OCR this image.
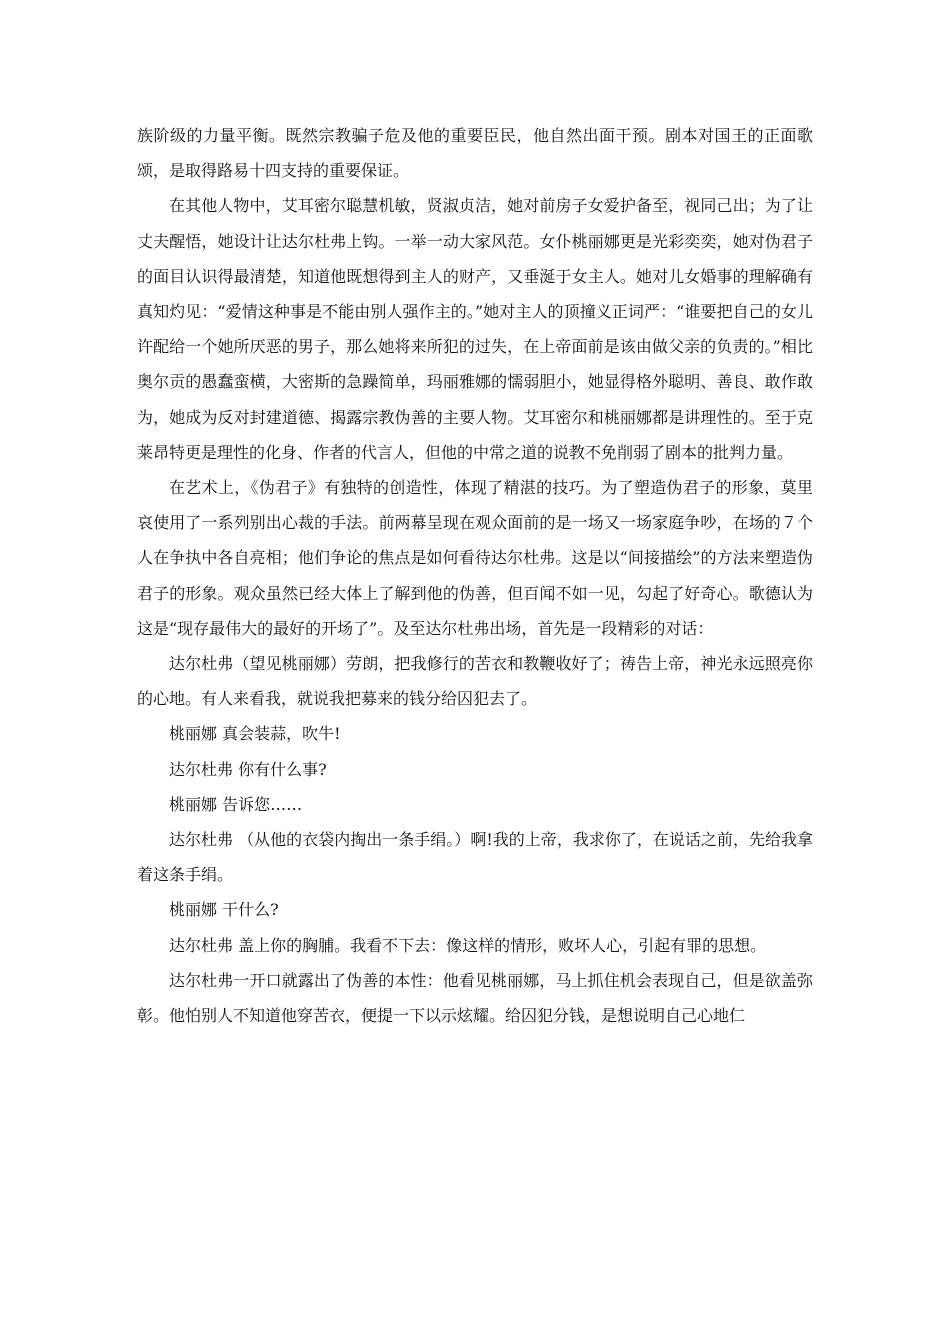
族阶级的力量平衡。既然宗教骗子危及他的重要臣民，他自然出面干预。剧本对国王的正面歌颂，是取得路易十四支持的重要保证。

在其他人物中，艾耳密尔聪慧机敏，贤淑贞洁，她对前房子女爱护备至，视同己出；为了让丈夫醒悟，她设计让达尔杜弗上钩。一举一动大家风范。女仆桃丽娜更是光彩奕奕，她对伪君子的面目认识得最清楚，知道他既想得到主人的财产，又垂涎于女主人。她对儿女婚事的理解确有真知灼见：“爱情这种事是不能由别人强作主的。”她对主人的顶撞义正词严：“谁要把自己的女儿许配给一个她所厌恶的男子，那么她将来所犯的过失，在上帝面前是该由做父亲的负责的。”相比奥尔贡的愚蠢蛮横，大密斯的急躁简单，玛丽雅娜的懦弱胆小，她显得格外聪明、善良、敢作敢为，她成为反对封建道德、揭露宗教伪善的主要人物。艾耳密尔和桃丽娜都是讲理性的。至于克莱昂特更是理性的化身、作者的代言人，但他的中常之道的说教不免削弱了剧本的批判力量。

在艺术上，《伪君子》有独特的创造性，体现了精湛的技巧。为了塑造伪君子的形象，莫里哀使用了一系列别出心裁的手法。前两幕呈现在观众面前的是一场又一场家庭争吵，在场的７个人在争执中各自亮相；他们争论的焦点是如何看待达尔杜弗。这是以“间接描绘”的方法来塑造伪君子的形象。观众虽然已经大体上了解到他的伪善，但百闻不如一见，勾起了好奇心。歌德认为这是“现存最伟大的最好的开场了”。及至达尔杜弗出场，首先是一段精彩的对话：

达尔杜弗（望见桃丽娜）劳朗，把我修行的苦衣和教鞭收好了；祷告上帝，神光永远照亮你的心地。有人来看我，就说我把募来的钱分给囚犯去了。

桃丽娜 真会装蒜，吹牛!

达尔杜弗 你有什么事?

桃丽娜 告诉您……

达尔杜弗 （从他的衣袋内掏出一条手绢。）啊!我的上帝，我求你了，在说话之前，先给我拿着这条手绢。

桃丽娜 干什么?

达尔杜弗 盖上你的胸脯。我看不下去：像这样的情形，败坏人心，引起有罪的思想。

达尔杜弗一开口就露出了伪善的本性：他看见桃丽娜，马上抓住机会表现自己，但是欲盖弥彰。他怕别人不知道他穿苦衣，便提一下以示炫耀。给囚犯分钱，是想说明自己心地仁
